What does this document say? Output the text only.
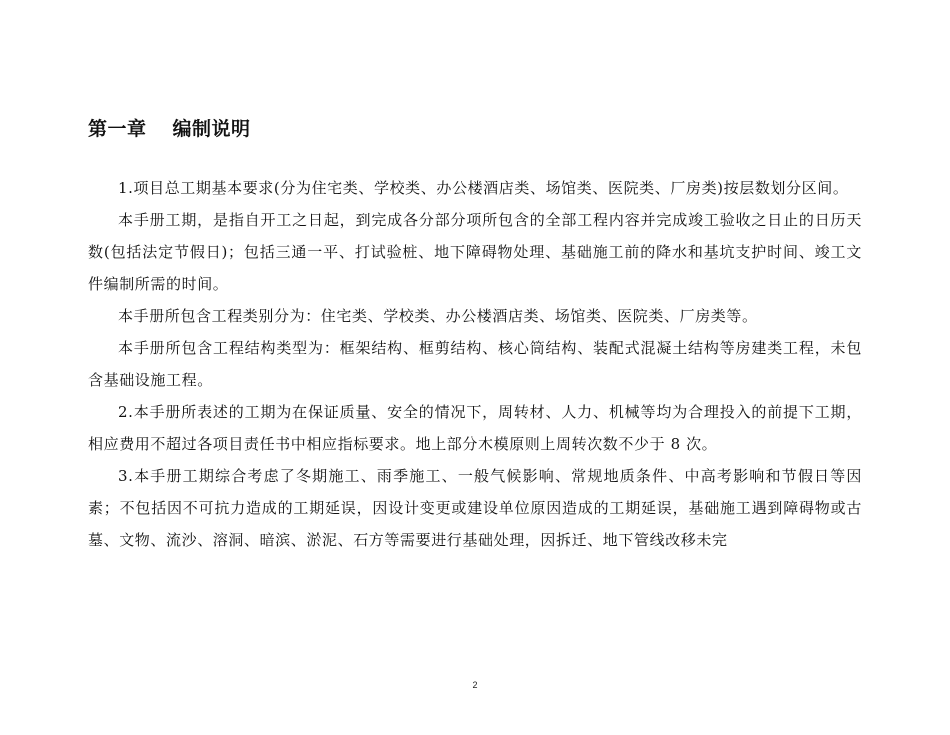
第一章 编制说明

1.项目总工期基本要求(分为住宅类、学校类、办公楼酒店类、场馆类、医院类、厂房类)按层数划分区间。

本手册工期，是指自开工之日起，到完成各分部分项所包含的全部工程内容并完成竣工验收之日止的日历天数(包括法定节假日)；包括三通一平、打试验桩、地下障碍物处理、基础施工前的降水和基坑支护时间、竣工文件编制所需的时间。

本手册所包含工程类别分为：住宅类、学校类、办公楼酒店类、场馆类、医院类、厂房类等。

本手册所包含工程结构类型为：框架结构、框剪结构、核心筒结构、装配式混凝土结构等房建类工程，未包含基础设施工程。

2.本手册所表述的工期为在保证质量、安全的情况下，周转材、人力、机械等均为合理投入的前提下工期，相应费用不超过各项目责任书中相应指标要求。地上部分木模原则上周转次数不少于 8 次。

3.本手册工期综合考虑了冬期施工、雨季施工、一般气候影响、常规地质条件、中高考影响和节假日等因素；不包括因不可抗力造成的工期延误，因设计变更或建设单位原因造成的工期延误，基础施工遇到障碍物或古墓、文物、流沙、溶洞、暗滨、淤泥、石方等需要进行基础处理，因拆迁、地下管线改移未完

2
